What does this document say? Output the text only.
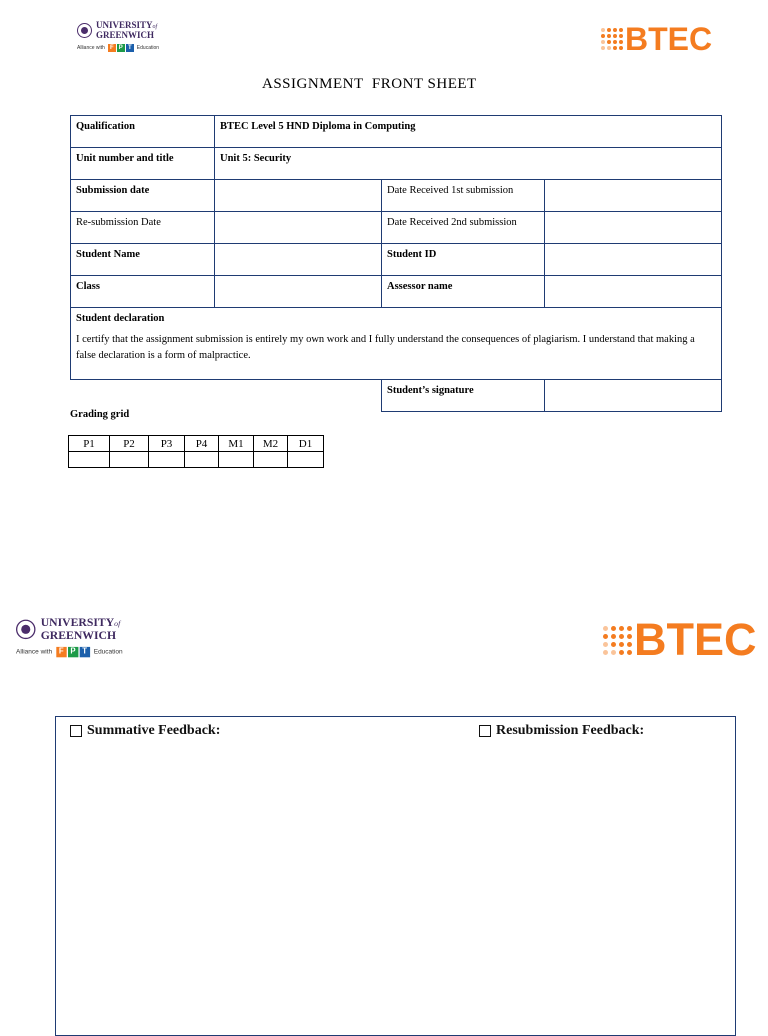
UNIVERSITYof
GREENWICH
Alliance with F P T	Education	BTEC
ASSIGNMENT  FRONT SHEET
Qualification	BTEC Level 5 HND Diploma in Computing		
Unit number and title	Unit 5: Security		
Submission date		Date Received 1st submission	
Re-submission Date		Date Received 2nd submission	
Student Name		Student ID	
Class		Assessor name	

Student declaration
I certify that the assignment submission is entirely my own work and I fully understand the consequences of plagiarism. I understand that making a false declaration is a form of malpractice.			

		Student’s signature	
Grading grid
P1	P2	P3	P4	M1	M2	D1

UNIVERSITYof
GREENWICH
Alliance with	F	P	T	Education	BTEC
Summative Feedback:	Resubmission Feedback:
